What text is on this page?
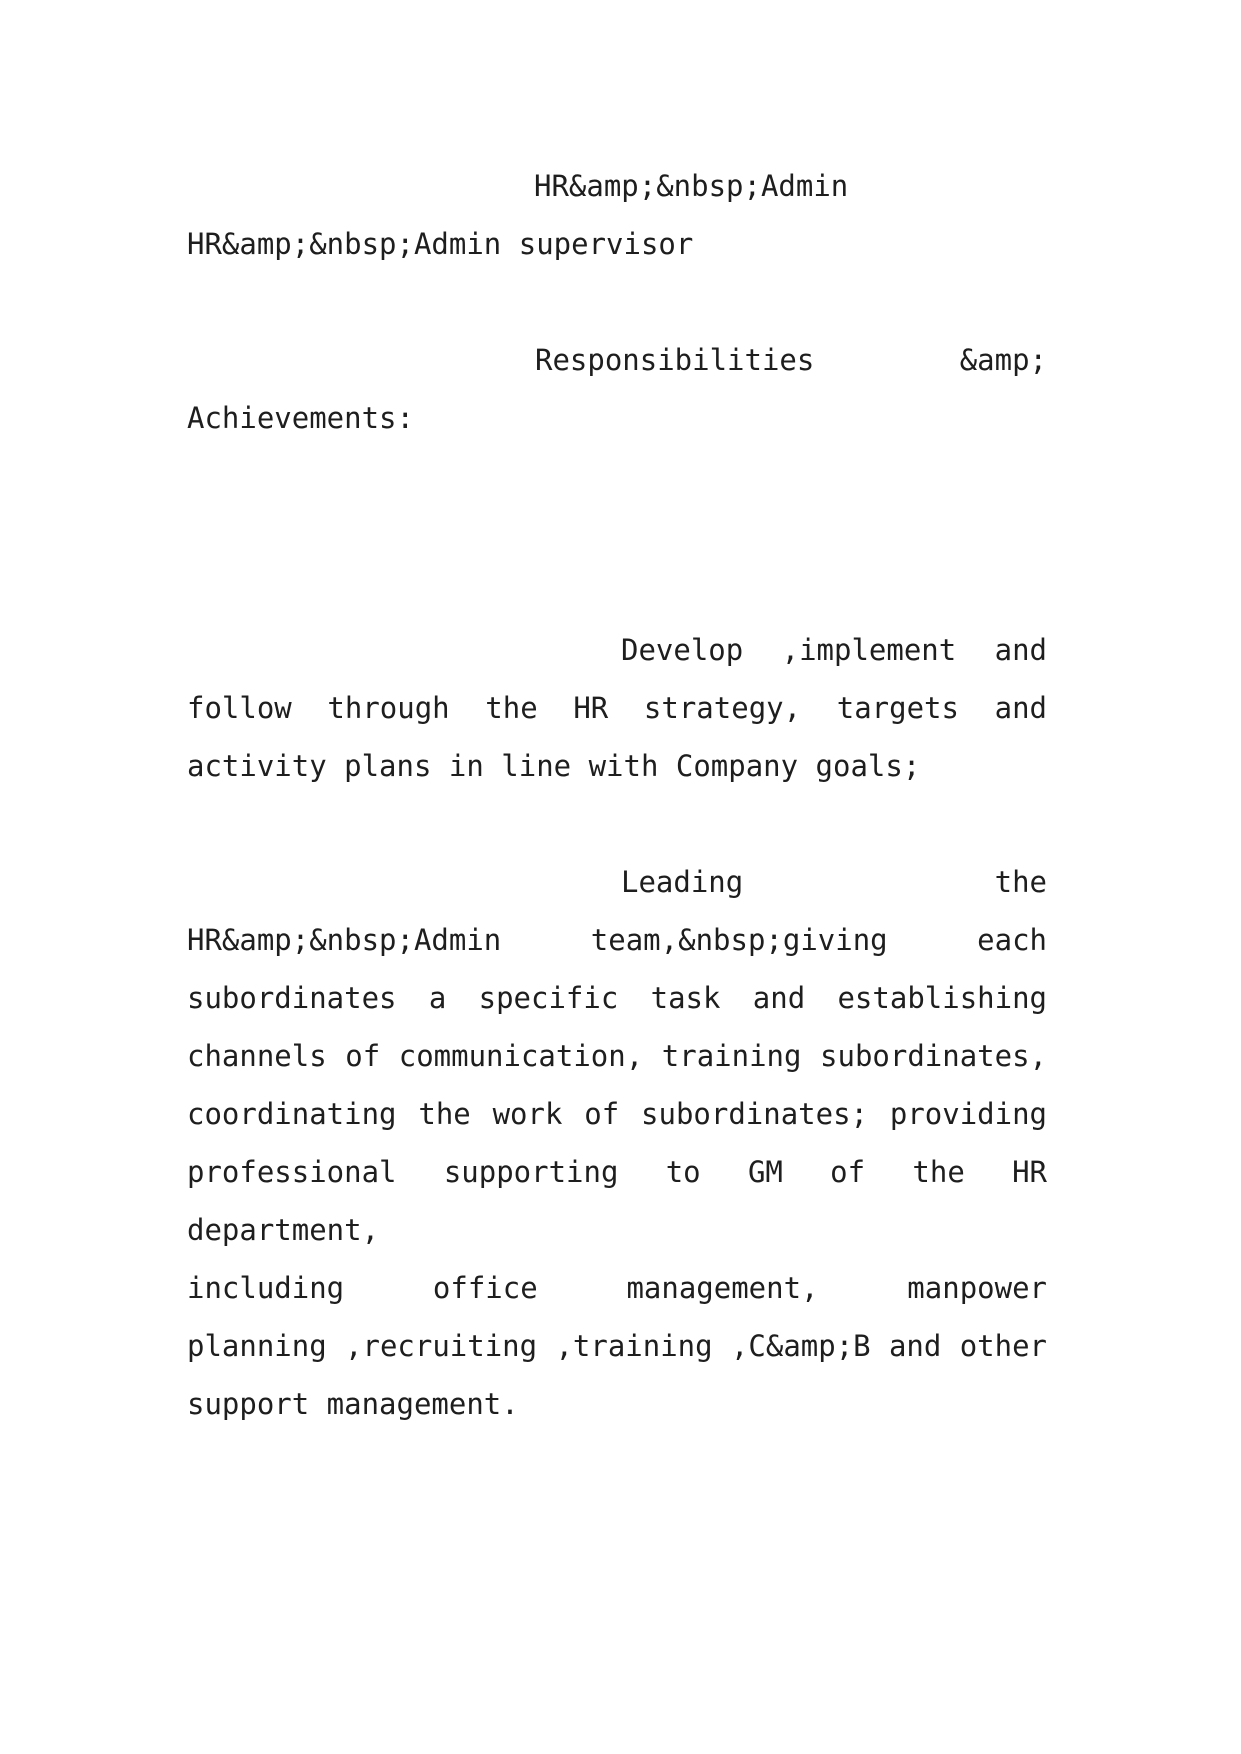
HR&amp;&nbsp;Admin
HR&amp;&nbsp;Admin supervisor
Responsibilities	&amp;
Achievements:
Develop ,implement and
follow through the HR strategy, targets and
activity plans in line with Company goals;
Leading the
HR&amp;&nbsp;Admin team,&nbsp;giving each
subordinates a specific task and establishing
channels of communication, training subordinates,
coordinating the work of subordinates; providing
professional supporting to GM of the HR department,
including office management, manpower
planning ,recruiting ,training ,C&amp;B and other
support management.
